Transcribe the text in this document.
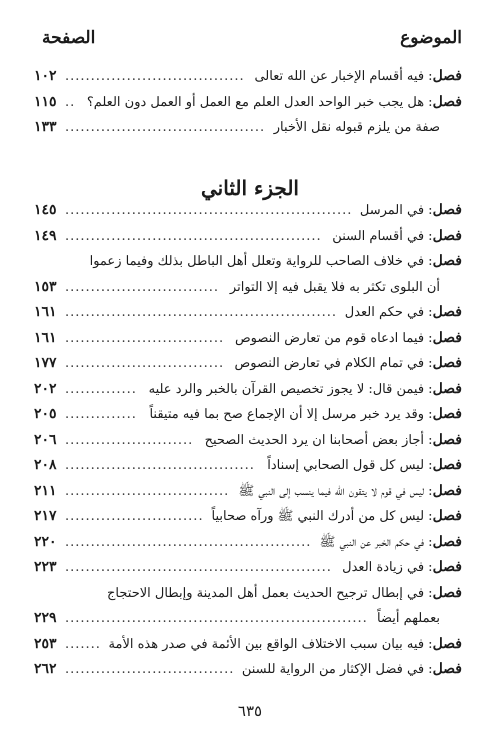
الموضوع
الصفحة
فصل: فيه أقسام الإخبار عن الله تعالى
١٠٢ ...................................
فصل: هل يجب خبر الواحد العدل العلم مع العمل أو العمل دون العلم؟
١١٥ ..
صفة من يلزم قبوله نقل الأخبار
١٣٣ .......................................
الجزء الثاني
فصل: في المرسل
١٤٥ ........................................................
فصل: في أقسام السنن
١٤٩ ..................................................
فصل: في خلاف الصاحب للرواية وتعلل أهل الباطل بذلك وفيما زعموا
أن البلوى تكثر به فلا يقبل فيه إلا التواتر
١٥٣ ..............................
فصل: في حكم العدل
١٦١ .....................................................
فصل: فيما ادعاه قوم من تعارض النصوص
١٦١ ...............................
فصل: في تمام الكلام في تعارض النصوص
١٧٧ ...............................
فصل: فيمن قال: لا يجوز تخصيص القرآن بالخبر والرد عليه
٢٠٢ ..............
فصل: وقد يرد خبر مرسل إلا أن الإجماع صح بما فيه متيقناً
٢٠٥ ..............
فصل: أجاز بعض أصحابنا ان يرد الحديث الصحيح
٢٠٦ .........................
فصل: ليس كل قول الصحابي إسناداً
٢٠٨ .....................................
فصل: ليس في قوم لا يتقون الله فيما ينسب إلى النبي ﷺ
٢١١ ................................
فصل: ليس كل من أدرك النبي ﷺ ورآه صحابياً
٢١٧ ...........................
فصل: في حكم الخبر عن النبي ﷺ
٢٢٠ ................................................
فصل: في زيادة العدل
٢٢٣ ....................................................
فصل: في إبطال ترجيح الحديث بعمل أهل المدينة وإبطال الاحتجاج
بعملهم أيضاً
٢٢٩ ...........................................................
فصل: فيه بيان سبب الاختلاف الواقع بين الأئمة في صدر هذه الأمة
٢٥٣ .......
فصل: في فضل الإكثار من الرواية للسنن
٢٦٢ .................................
٦٣٥
